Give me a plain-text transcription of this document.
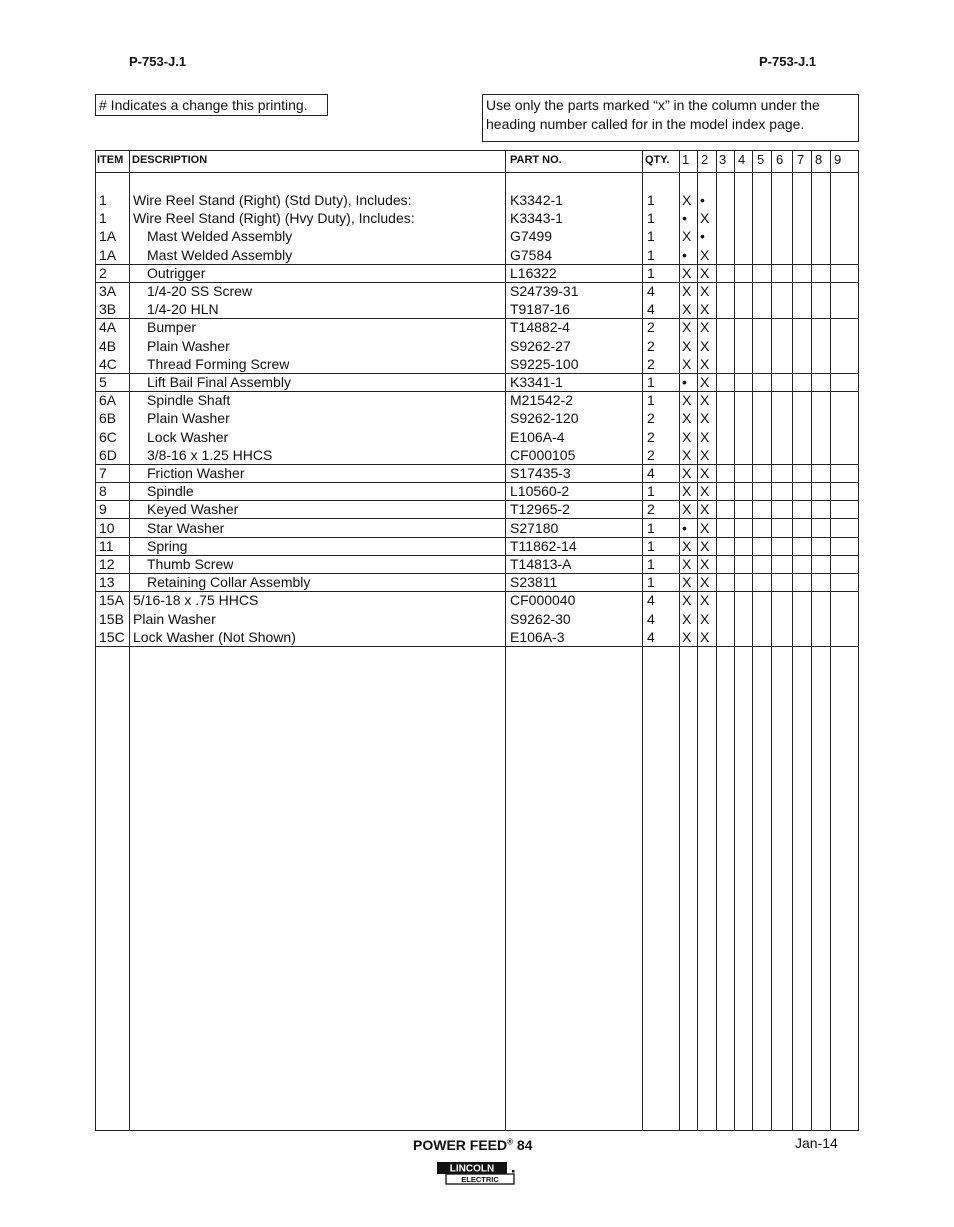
P-753-J.1	P-753-J.1
# Indicates a change this printing.	Use only the parts marked “x” in the column under the heading number called for in the model index page.
ITEM DESCRIPTION	PART NO.	QTY. 1 2 3 4 5 6 7 8 9
1 Wire Reel Stand (Right) (Std Duty), Includes:	K3342-1	1 X •
1 Wire Reel Stand (Right) (Hvy Duty), Includes:	K3343-1	1 • X
1A Mast Welded Assembly	G7499	1 X •
1A Mast Welded Assembly	G7584	1 • X
2	Outrigger	L16322	1 X X
3A 1/4-20 SS Screw	S24739-31	4 X X
3B 1/4-20 HLN	T9187-16	4 X X
4A Bumper	T14882-4	2 X X
4B Plain Washer	S9262-27	2 X X
4C Thread Forming Screw	S9225-100	2 X X
5	Lift Bail Final Assembly	K3341-1	1 • X
6A Spindle Shaft	M21542-2	1 X X
6B Plain Washer	S9262-120	2 X X
6C Lock Washer	E106A-4	2 X X
6D 3/8-16 x 1.25 HHCS	CF000105	2 X X
7	Friction Washer	S17435-3	4 X X
8	Spindle	L10560-2	1 X X
9	Keyed Washer	T12965-2	2 X X
10 Star Washer	S27180	1 • X
11 Spring	T11862-14	1 X X
12 Thumb Screw	T14813-A	1 X X
13 Retaining Collar Assembly	S23811	1 X X
15A 5/16-18 x .75 HHCS	CF000040	4 X X
15B Plain Washer	S9262-30	4 X X
15C Lock Washer (Not Shown)	E106A-3	4 X X
POWER FEED® 84	Jan-14
LINCOLN
ELECTRIC
